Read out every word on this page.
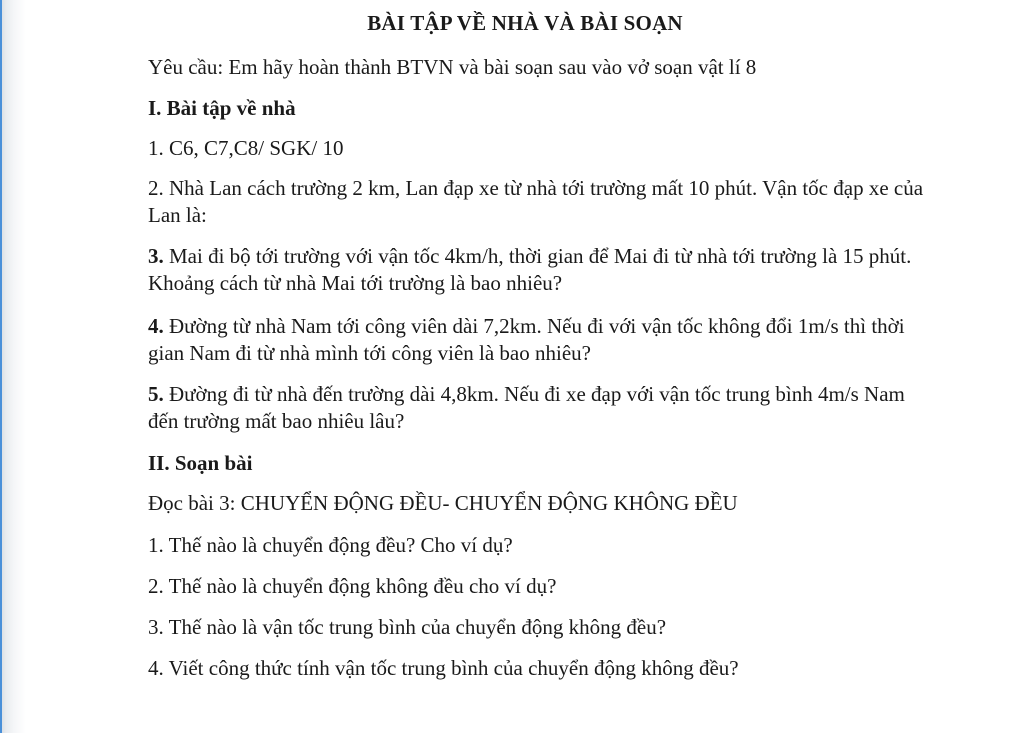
BÀI TẬP VỀ NHÀ VÀ BÀI SOẠN

Yêu cầu: Em hãy hoàn thành BTVN và bài soạn sau vào vở soạn vật lí 8

I. Bài tập về nhà

1. C6, C7,C8/ SGK/ 10

2. Nhà Lan cách trường 2 km, Lan đạp xe từ nhà tới trường mất 10 phút. Vận tốc đạp xe của Lan là:

3. Mai đi bộ tới trường với vận tốc 4km/h, thời gian để Mai đi từ nhà tới trường là 15 phút. Khoảng cách từ nhà Mai tới trường là bao nhiêu?

4. Đường từ nhà Nam tới công viên dài 7,2km. Nếu đi với vận tốc không đổi 1m/s thì thời gian Nam đi từ nhà mình tới công viên là bao nhiêu?

5. Đường đi từ nhà đến trường dài 4,8km. Nếu đi xe đạp với vận tốc trung bình 4m/s Nam đến trường mất bao nhiêu lâu?

II. Soạn bài

Đọc bài 3: CHUYỂN ĐỘNG ĐỀU- CHUYỂN ĐỘNG KHÔNG ĐỀU

1. Thế nào là chuyển động đều? Cho ví dụ?

2. Thế nào là chuyển động không đều cho ví dụ?

3. Thế nào là vận tốc trung bình của chuyển động không đều?

4. Viết công thức tính vận tốc trung bình của chuyển động không đều?
